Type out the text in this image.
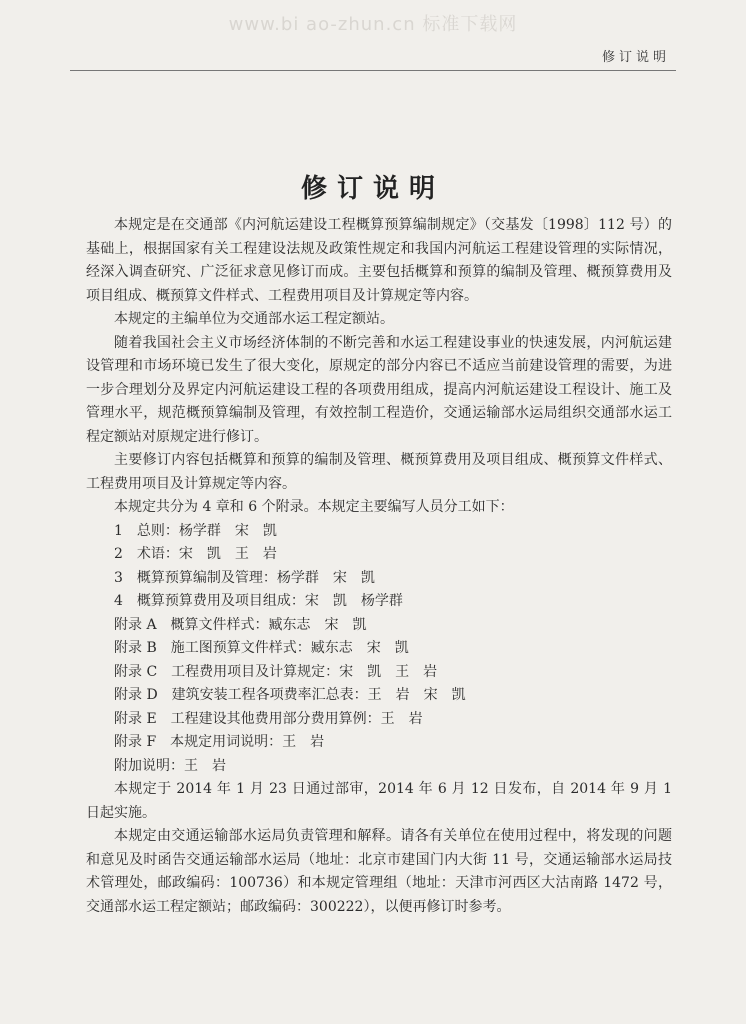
www.bi ao-zhun.cn 标准下载网
修订说明
修订说明

本规定是在交通部《内河航运建设工程概算预算编制规定》（交基发〔1998〕112 号）的基础上，根据国家有关工程建设法规及政策性规定和我国内河航运工程建设管理的实际情况，经深入调查研究、广泛征求意见修订而成。主要包括概算和预算的编制及管理、概预算费用及项目组成、概预算文件样式、工程费用项目及计算规定等内容。

本规定的主编单位为交通部水运工程定额站。

随着我国社会主义市场经济体制的不断完善和水运工程建设事业的快速发展，内河航运建设管理和市场环境已发生了很大变化，原规定的部分内容已不适应当前建设管理的需要，为进一步合理划分及界定内河航运建设工程的各项费用组成，提高内河航运建设工程设计、施工及管理水平，规范概预算编制及管理，有效控制工程造价，交通运输部水运局组织交通部水运工程定额站对原规定进行修订。

主要修订内容包括概算和预算的编制及管理、概预算费用及项目组成、概预算文件样式、工程费用项目及计算规定等内容。

本规定共分为 4 章和 6 个附录。本规定主要编写人员分工如下：

1　总则：杨学群　宋　凯
2　术语：宋　凯　王　岩
3　概算预算编制及管理：杨学群　宋　凯
4　概算预算费用及项目组成：宋　凯　杨学群
附录 A　概算文件样式：臧东志　宋　凯
附录 B　施工图预算文件样式：臧东志　宋　凯
附录 C　工程费用项目及计算规定：宋　凯　王　岩
附录 D　建筑安装工程各项费率汇总表：王　岩　宋　凯
附录 E　工程建设其他费用部分费用算例：王　岩
附录 F　本规定用词说明：王　岩
附加说明：王　岩

本规定于 2014 年 1 月 23 日通过部审，2014 年 6 月 12 日发布，自 2014 年 9 月 1 日起实施。

本规定由交通运输部水运局负责管理和解释。请各有关单位在使用过程中，将发现的问题和意见及时函告交通运输部水运局（地址：北京市建国门内大街 11 号，交通运输部水运局技术管理处，邮政编码：100736）和本规定管理组（地址：天津市河西区大沽南路 1472 号，交通部水运工程定额站；邮政编码：300222），以便再修订时参考。
